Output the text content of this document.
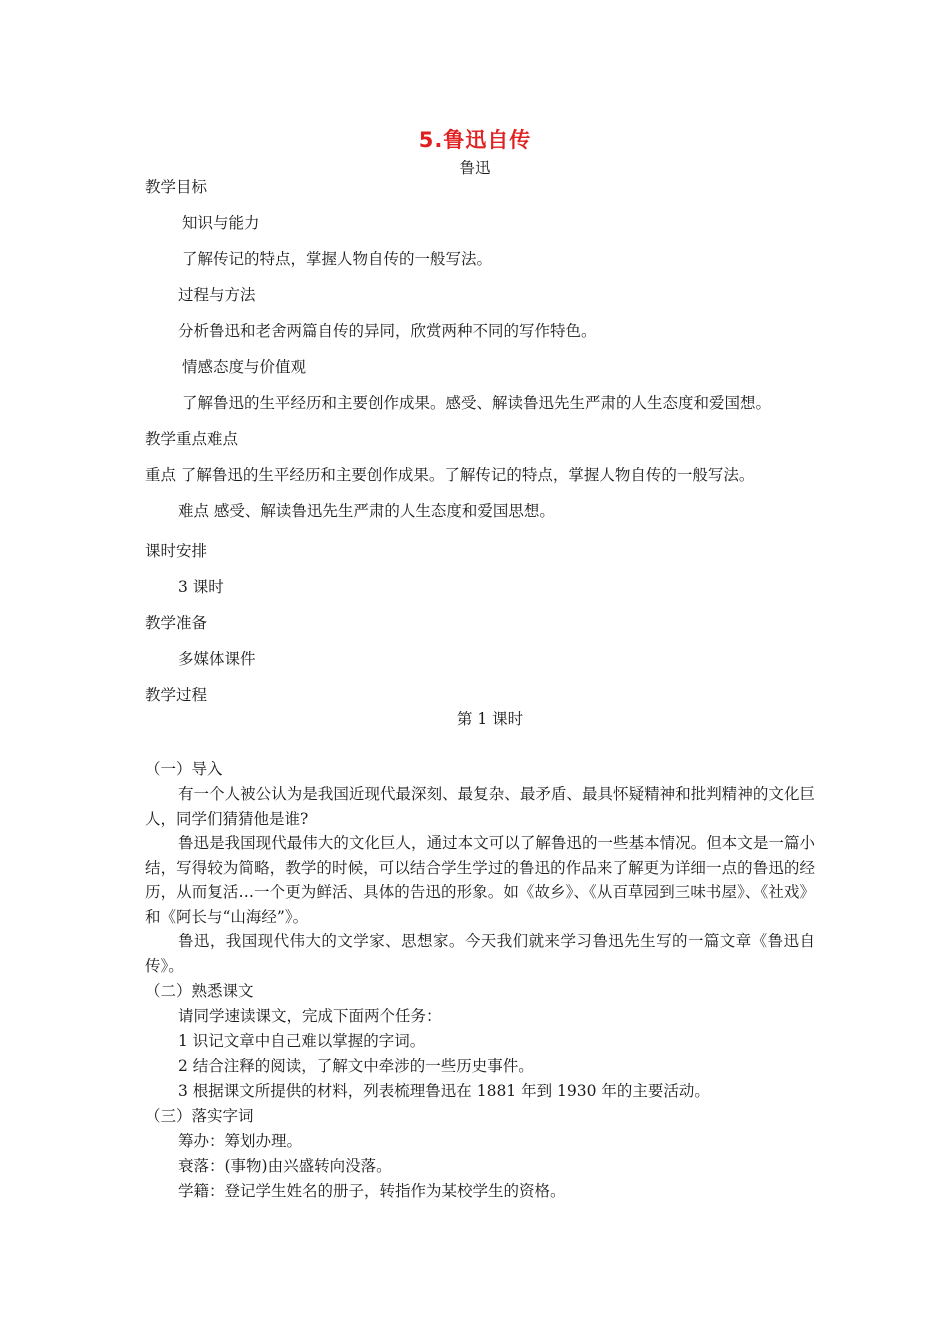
5.鲁迅自传
鲁迅
教学目标
知识与能力
了解传记的特点，掌握人物自传的一般写法。
过程与方法
分析鲁迅和老舍两篇自传的异同，欣赏两种不同的写作特色。
情感态度与价值观
了解鲁迅的生平经历和主要创作成果。感受、解读鲁迅先生严肃的人生态度和爱国想。
教学重点难点
重点 了解鲁迅的生平经历和主要创作成果。了解传记的特点，掌握人物自传的一般写法。
难点 感受、解读鲁迅先生严肃的人生态度和爱国思想。
课时安排
3 课时
教学准备
多媒体课件
教学过程
第 1 课时
（一）导入
有一个人被公认为是我国近现代最深刻、最复杂、最矛盾、最具怀疑精神和批判精神的文化巨人，同学们猜猜他是谁?
鲁迅是我国现代最伟大的文化巨人，通过本文可以了解鲁迅的一些基本情况。但本文是一篇小结，写得较为简略，教学的时候，可以结合学生学过的鲁迅的作品来了解更为详细一点的鲁迅的经历，从而复活…一个更为鲜活、具体的告迅的形象。如《故乡》、《从百草园到三味书屋》、《社戏》和《阿长与“山海经”》。
鲁迅，我国现代伟大的文学家、思想家。今天我们就来学习鲁迅先生写的一篇文章《鲁迅自传》。
（二）熟悉课文
请同学速读课文，完成下面两个任务：
1 识记文章中自己难以掌握的字词。
2 结合注释的阅读，了解文中牵涉的一些历史事件。
3 根据课文所提供的材料，列表梳理鲁迅在 1881 年到 1930 年的主要活动。
（三）落实字词
筹办：筹划办理。
衰落：(事物)由兴盛转向没落。
学籍：登记学生姓名的册子，转指作为某校学生的资格。
